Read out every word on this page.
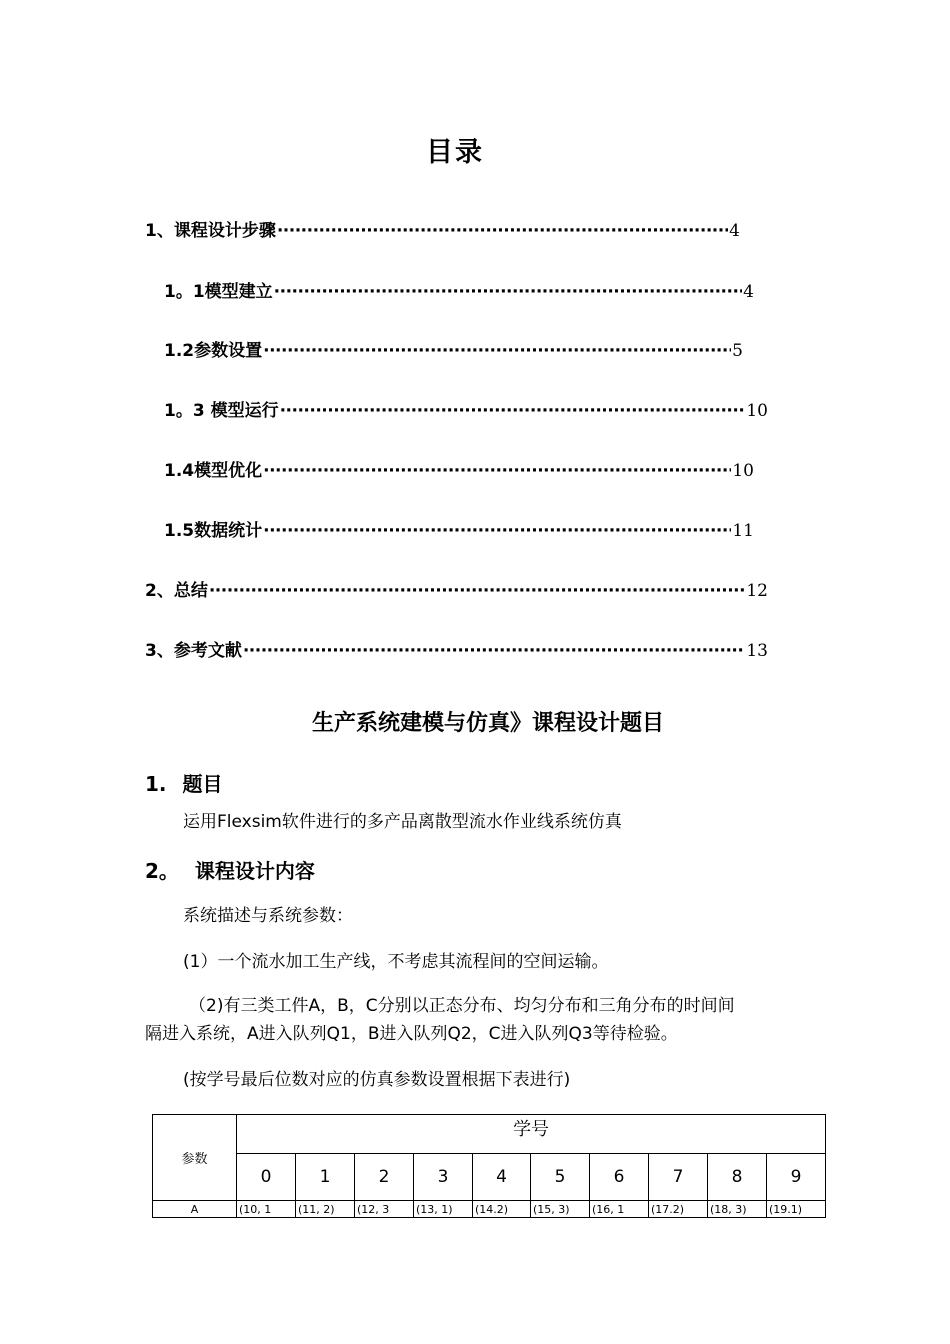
目录
1、课程设计步骤 ·····	4
1。1模型建立 ·····	4
1.2参数设置 ·····	5
1。3 模型运行 ·····	10
1.4模型优化 ·····	10
1.5数据统计 ·····	11
2、总结 ·····	12
3、参考文献 ·····	13
生产系统建模与仿真》课程设计题目
1. 题目
运用Flexsim软件进行的多产品离散型流水作业线系统仿真
2。 课程设计内容
系统描述与系统参数：
(1）一个流水加工生产线，不考虑其流程间的空间运输。
（2)有三类工件A，B，C分别以正态分布、均匀分布和三角分布的时间间
隔进入系统，A进入队列Q1，B进入队列Q2，C进入队列Q3等待检验。
(按学号最后位数对应的仿真参数设置根据下表进行)
参数	学号									
	0	1	2	3	4	5	6	7	8	9
A	(10, 1	(11, 2)	(12, 3	(13, 1)	(14.2)	(15, 3)	(16, 1	(17.2)	(18, 3)	(19.1)
